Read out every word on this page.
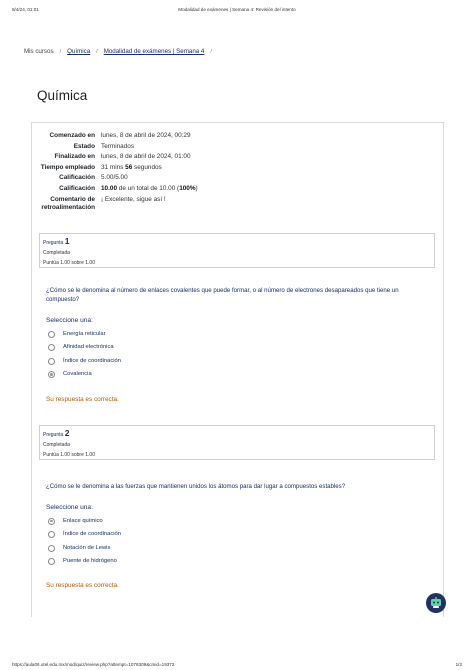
8/4/24, 01:01	Modalidad de exámenes | Semana 4: Revisión del intento
Mis cursos / Química / Modalidad de exámenes | Semana 4 /
Química
Comenzado en lunes, 8 de abril de 2024, 00:29
Estado Terminados
Finalizado en lunes, 8 de abril de 2024, 01:00
Tiempo empleado 31 mins 56 segundos
Calificación 5.00/5.00
Calificación 10.00 de un total de 10.00 (100%)
Comentario de retroalimentación
¡ Excelente, sigue así !
Pregunta 1
Completada
Puntúa 1.00 sobre 1.00
¿Cómo se le denomina al número de enlaces covalentes que puede formar, o al número de electrones desapareados que tiene un compuesto?
Seleccione una:
Energía reticular
Afinidad electrónica
Índice de coordinación
Covalencia
Su respuesta es correcta.
Pregunta 2
Completada
Puntúa 1.00 sobre 1.00
¿Cómo se le denomina a las fuerzas que mantienen unidos los átomos para dar lugar a compuestos estables?
Seleccione una:
Enlace químico
Índice de coordinación
Notación de Lewis
Puente de hidrógeno
Su respuesta es correcta.
https://aula06.utel.edu.mx/mod/quiz/review.php?attempt=1076309&cmid=19372	1/2
